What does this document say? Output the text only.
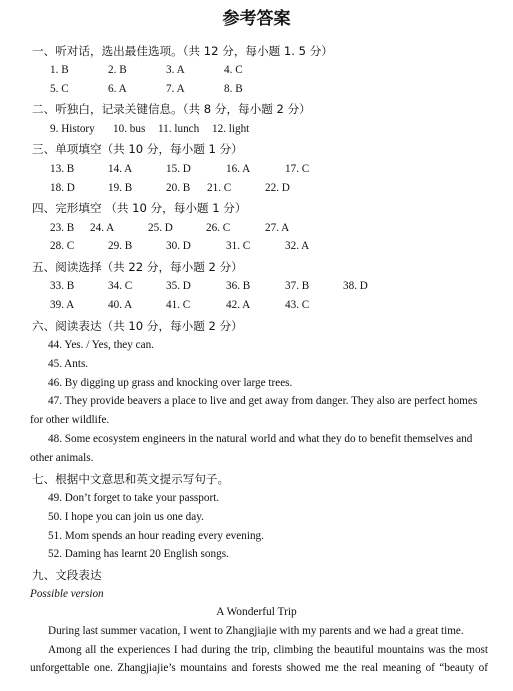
参考答案
一、听对话，选出最佳选项。（共 12 分，每小题 1. 5 分）
1. B	2. B	3. A	4. C
5. C	6. A	7. A	8. B
二、听独白，记录关键信息。（共 8 分，每小题 2 分）
9. History 10. bus 11. lunch 12. light
三、单项填空（共 10 分，每小题 1 分）
13. B	14. A	15. D	16. A	17. C
18. D	19. B	20. B 21. C	22. D
四、完形填空 （共 10 分，每小题 1 分）
23. B 24. A	25. D	26. C	27. A
28. C	29. B	30. D	31. C	32. A
五、阅读选择（共 22 分，每小题 2 分）
33. B	34. C	35. D	36. B	37. B	38. D
39. A	40. A	41. C	42. A	43. C
六、阅读表达（共 10 分，每小题 2 分）
44. Yes. / Yes, they can.
45. Ants.
46. By digging up grass and knocking over large trees.
47. They provide beavers a place to live and get away from danger. They also are perfect homes
for other wildlife.
48. Some ecosystem engineers in the natural world and what they do to benefit themselves and
other animals.
七、根据中文意思和英文提示写句子。
49. Don’t forget to take your passport.
50. I hope you can join us one day.
51. Mom spends an hour reading every evening.
52. Daming has learnt 20 English songs.
九、文段表达
Possible version
A Wonderful Trip
During last summer vacation, I went to Zhangjiajie with my parents and we had a great time.
Among all the experiences I had during the trip, climbing the beautiful mountains was the most
unforgettable one. Zhangjiajie’s mountains and forests showed me the real meaning of “beauty of
